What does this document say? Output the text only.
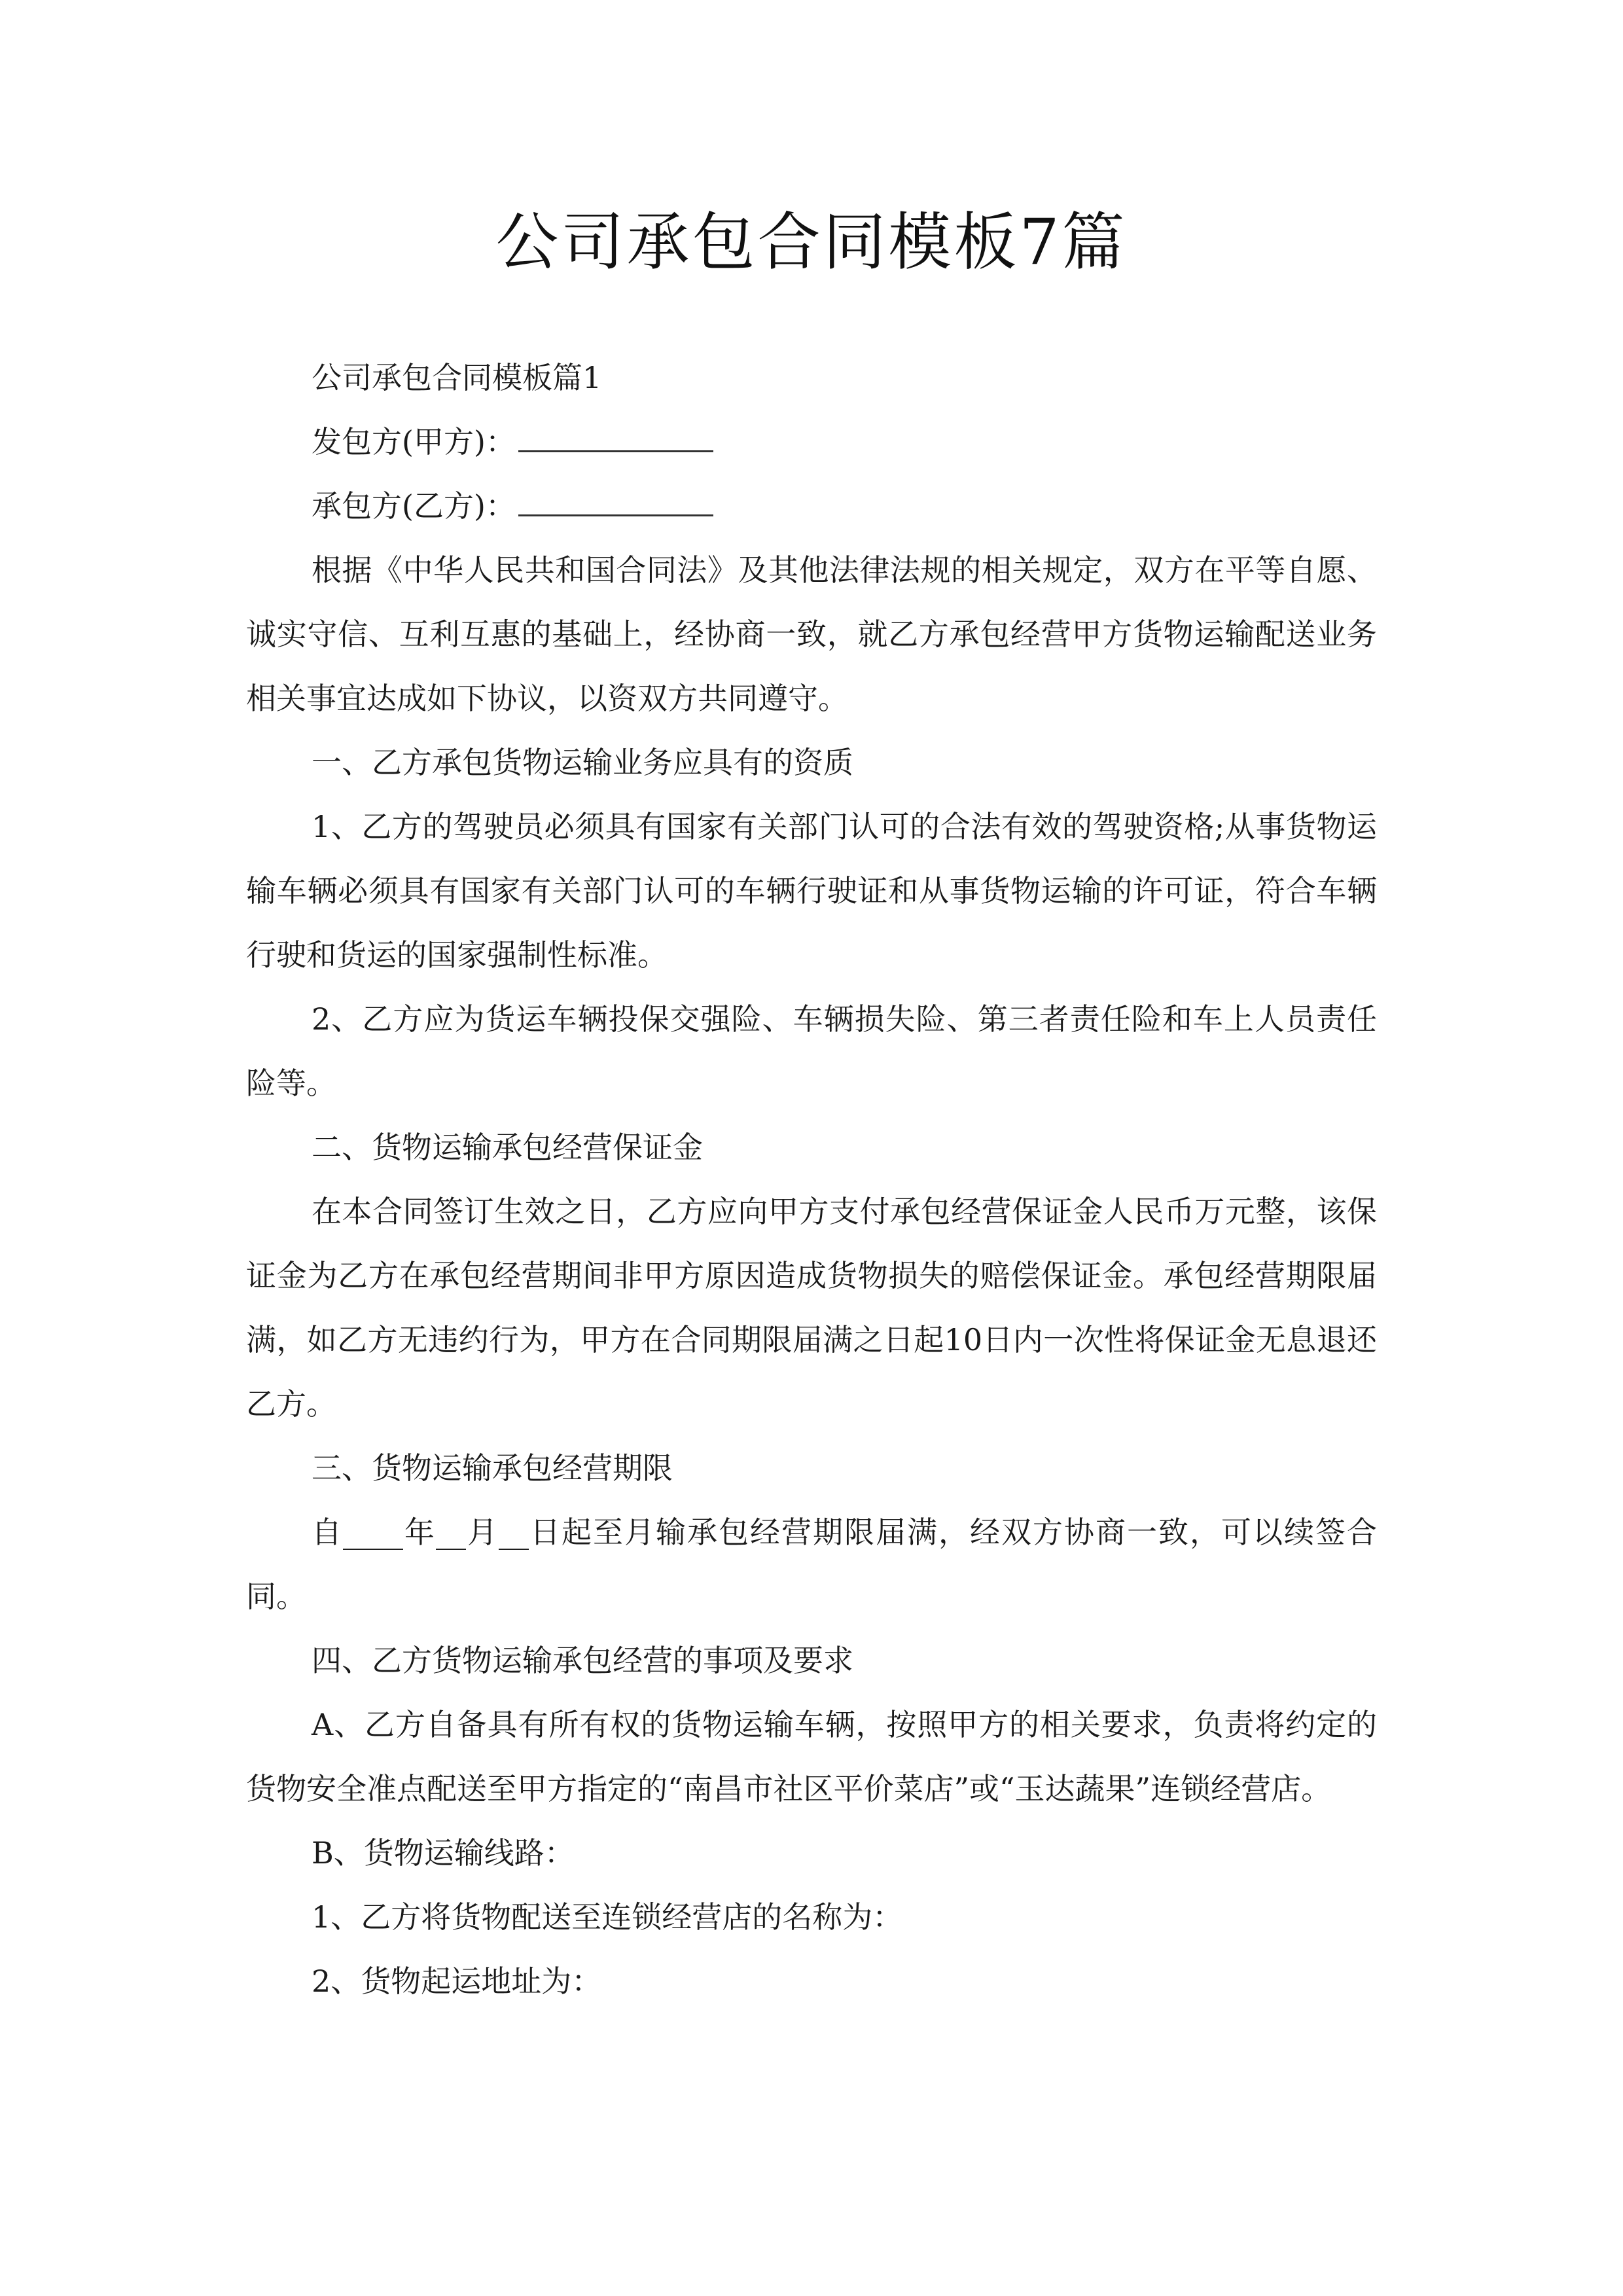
公司承包合同模板7篇

公司承包合同模板篇1

发包方(甲方)：

承包方(乙方)：

根据《中华人民共和国合同法》及其他法律法规的相关规定，双方在平等自愿、诚实守信、互利互惠的基础上，经协商一致，就乙方承包经营甲方货物运输配送业务相关事宜达成如下协议，以资双方共同遵守。

一、乙方承包货物运输业务应具有的资质

1、乙方的驾驶员必须具有国家有关部门认可的合法有效的驾驶资格;从事货物运输车辆必须具有国家有关部门认可的车辆行驶证和从事货物运输的许可证，符合车辆行驶和货运的国家强制性标准。

2、乙方应为货运车辆投保交强险、车辆损失险、第三者责任险和车上人员责任险等。

二、货物运输承包经营保证金

在本合同签订生效之日，乙方应向甲方支付承包经营保证金人民币万元整，该保证金为乙方在承包经营期间非甲方原因造成货物损失的赔偿保证金。承包经营期限届满，如乙方无违约行为，甲方在合同期限届满之日起10日内一次性将保证金无息退还乙方。

三、货物运输承包经营期限

自____年__月__日起至月输承包经营期限届满，经双方协商一致，可以续签合同。

四、乙方货物运输承包经营的事项及要求

A、乙方自备具有所有权的货物运输车辆，按照甲方的相关要求，负责将约定的货物安全准点配送至甲方指定的“南昌市社区平价菜店”或“玉达蔬果”连锁经营店。

B、货物运输线路：

1、乙方将货物配送至连锁经营店的名称为：

2、货物起运地址为：
